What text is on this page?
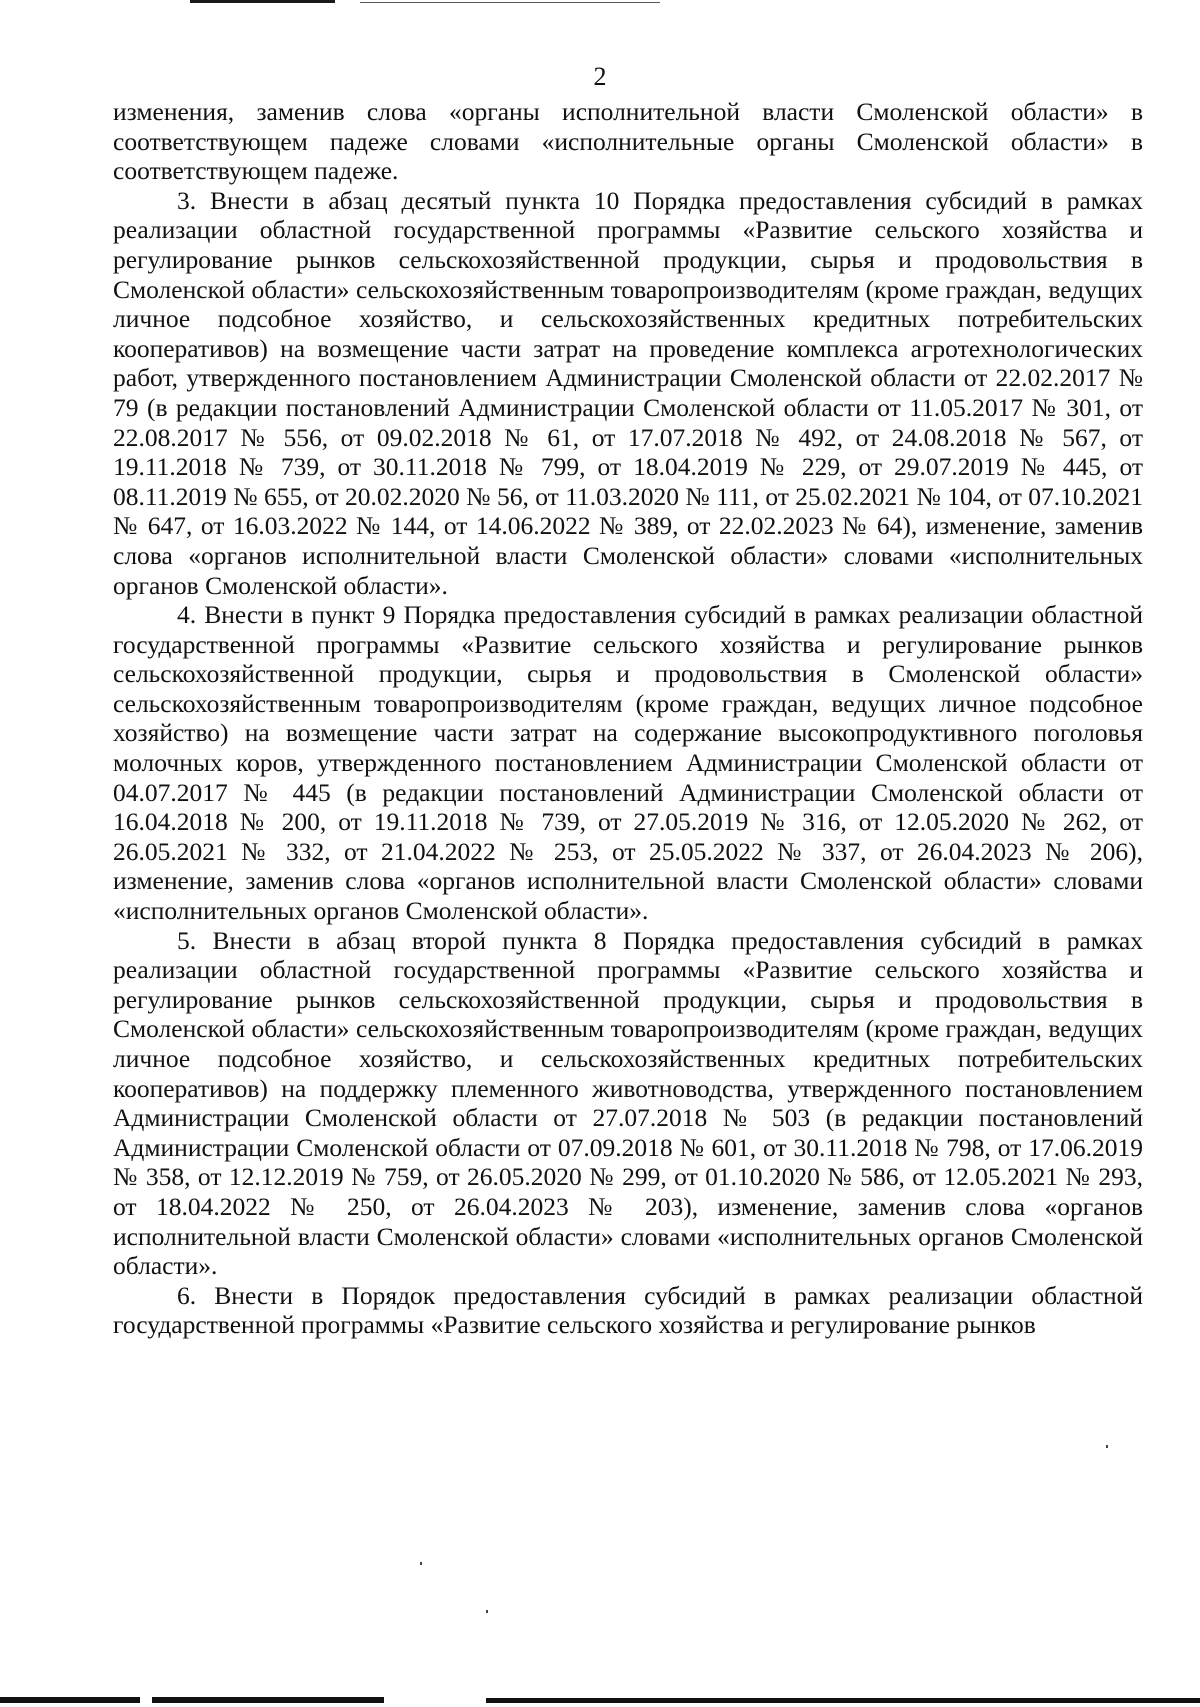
2

изменения, заменив слова «органы исполнительной власти Смоленской области» в соответствующем падеже словами «исполнительные органы Смоленской области» в соответствующем падеже.

3. Внести в абзац десятый пункта 10 Порядка предоставления субсидий в рамках реализации областной государственной программы «Развитие сельского хозяйства и регулирование рынков сельскохозяйственной продукции, сырья и продовольствия в Смоленской области» сельскохозяйственным товаропроизводителям (кроме граждан, ведущих личное подсобное хозяйство, и сельскохозяйственных кредитных потребительских кооперативов) на возмещение части затрат на проведение комплекса агротехнологических работ, утвержденного постановлением Администрации Смоленской области от 22.02.2017 № 79 (в редакции постановлений Администрации Смоленской области от 11.05.2017 № 301, от 22.08.2017 № 556, от 09.02.2018 № 61, от 17.07.2018 № 492, от 24.08.2018 № 567, от 19.11.2018 № 739, от 30.11.2018 № 799, от 18.04.2019 № 229, от 29.07.2019 № 445, от 08.11.2019 № 655, от 20.02.2020 № 56, от 11.03.2020 № 111, от 25.02.2021 № 104, от 07.10.2021 № 647, от 16.03.2022 № 144, от 14.06.2022 № 389, от 22.02.2023 № 64), изменение, заменив слова «органов исполнительной власти Смоленской области» словами «исполнительных органов Смоленской области».

4. Внести в пункт 9 Порядка предоставления субсидий в рамках реализации областной государственной программы «Развитие сельского хозяйства и регулирование рынков сельскохозяйственной продукции, сырья и продовольствия в Смоленской области» сельскохозяйственным товаропроизводителям (кроме граждан, ведущих личное подсобное хозяйство) на возмещение части затрат на содержание высокопродуктивного поголовья молочных коров, утвержденного постановлением Администрации Смоленской области от 04.07.2017 № 445 (в редакции постановлений Администрации Смоленской области от 16.04.2018 № 200, от 19.11.2018 № 739, от 27.05.2019 № 316, от 12.05.2020 № 262, от 26.05.2021 № 332, от 21.04.2022 № 253, от 25.05.2022 № 337, от 26.04.2023 № 206), изменение, заменив слова «органов исполнительной власти Смоленской области» словами «исполнительных органов Смоленской области».

5. Внести в абзац второй пункта 8 Порядка предоставления субсидий в рамках реализации областной государственной программы «Развитие сельского хозяйства и регулирование рынков сельскохозяйственной продукции, сырья и продовольствия в Смоленской области» сельскохозяйственным товаропроизводителям (кроме граждан, ведущих личное подсобное хозяйство, и сельскохозяйственных кредитных потребительских кооперативов) на поддержку племенного животноводства, утвержденного постановлением Администрации Смоленской области от 27.07.2018 № 503 (в редакции постановлений Администрации Смоленской области от 07.09.2018 № 601, от 30.11.2018 № 798, от 17.06.2019 № 358, от 12.12.2019 № 759, от 26.05.2020 № 299, от 01.10.2020 № 586, от 12.05.2021 № 293, от 18.04.2022 № 250, от 26.04.2023 № 203), изменение, заменив слова «органов исполнительной власти Смоленской области» словами «исполнительных органов Смоленской области».

6. Внести в Порядок предоставления субсидий в рамках реализации областной государственной программы «Развитие сельского хозяйства и регулирование рынков
